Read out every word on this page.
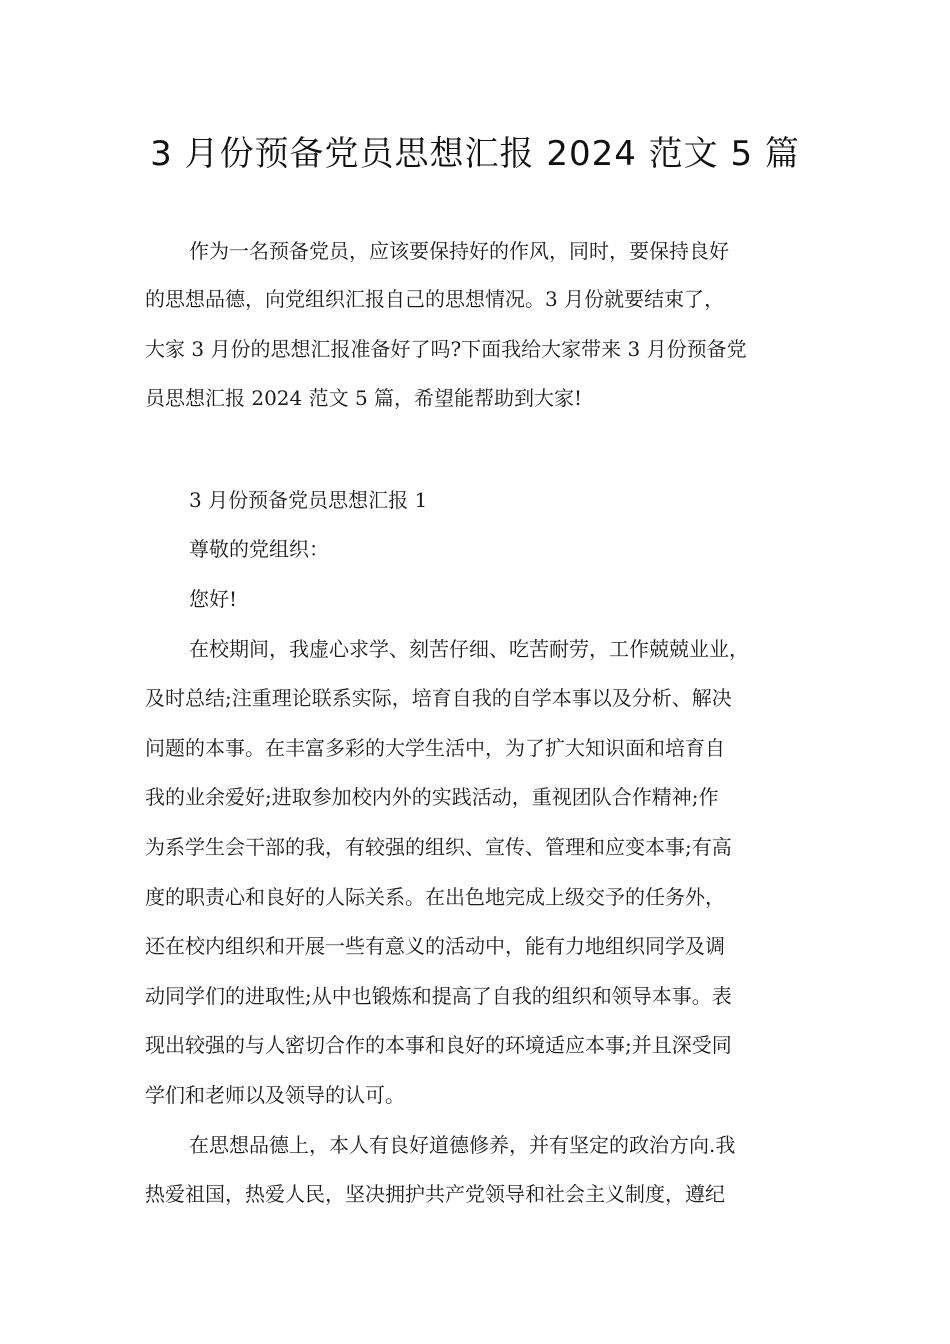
3 月份预备党员思想汇报 2024 范文 5 篇

作为一名预备党员，应该要保持好的作风，同时，要保持良好

的思想品德，向党组织汇报自己的思想情况。3 月份就要结束了，

大家 3 月份的思想汇报准备好了吗?下面我给大家带来 3 月份预备党

员思想汇报 2024 范文 5 篇，希望能帮助到大家!

3 月份预备党员思想汇报 1

尊敬的党组织：

您好!

在校期间，我虚心求学、刻苦仔细、吃苦耐劳，工作兢兢业业，

及时总结;注重理论联系实际，培育自我的自学本事以及分析、解决

问题的本事。在丰富多彩的大学生活中，为了扩大知识面和培育自

我的业余爱好;进取参加校内外的实践活动，重视团队合作精神;作

为系学生会干部的我，有较强的组织、宣传、管理和应变本事;有高

度的职责心和良好的人际关系。在出色地完成上级交予的任务外，

还在校内组织和开展一些有意义的活动中，能有力地组织同学及调

动同学们的进取性;从中也锻炼和提高了自我的组织和领导本事。表

现出较强的与人密切合作的本事和良好的环境适应本事;并且深受同

学们和老师以及领导的认可。

在思想品德上，本人有良好道德修养，并有坚定的政治方向.我

热爱祖国，热爱人民，坚决拥护共产党领导和社会主义制度，遵纪
